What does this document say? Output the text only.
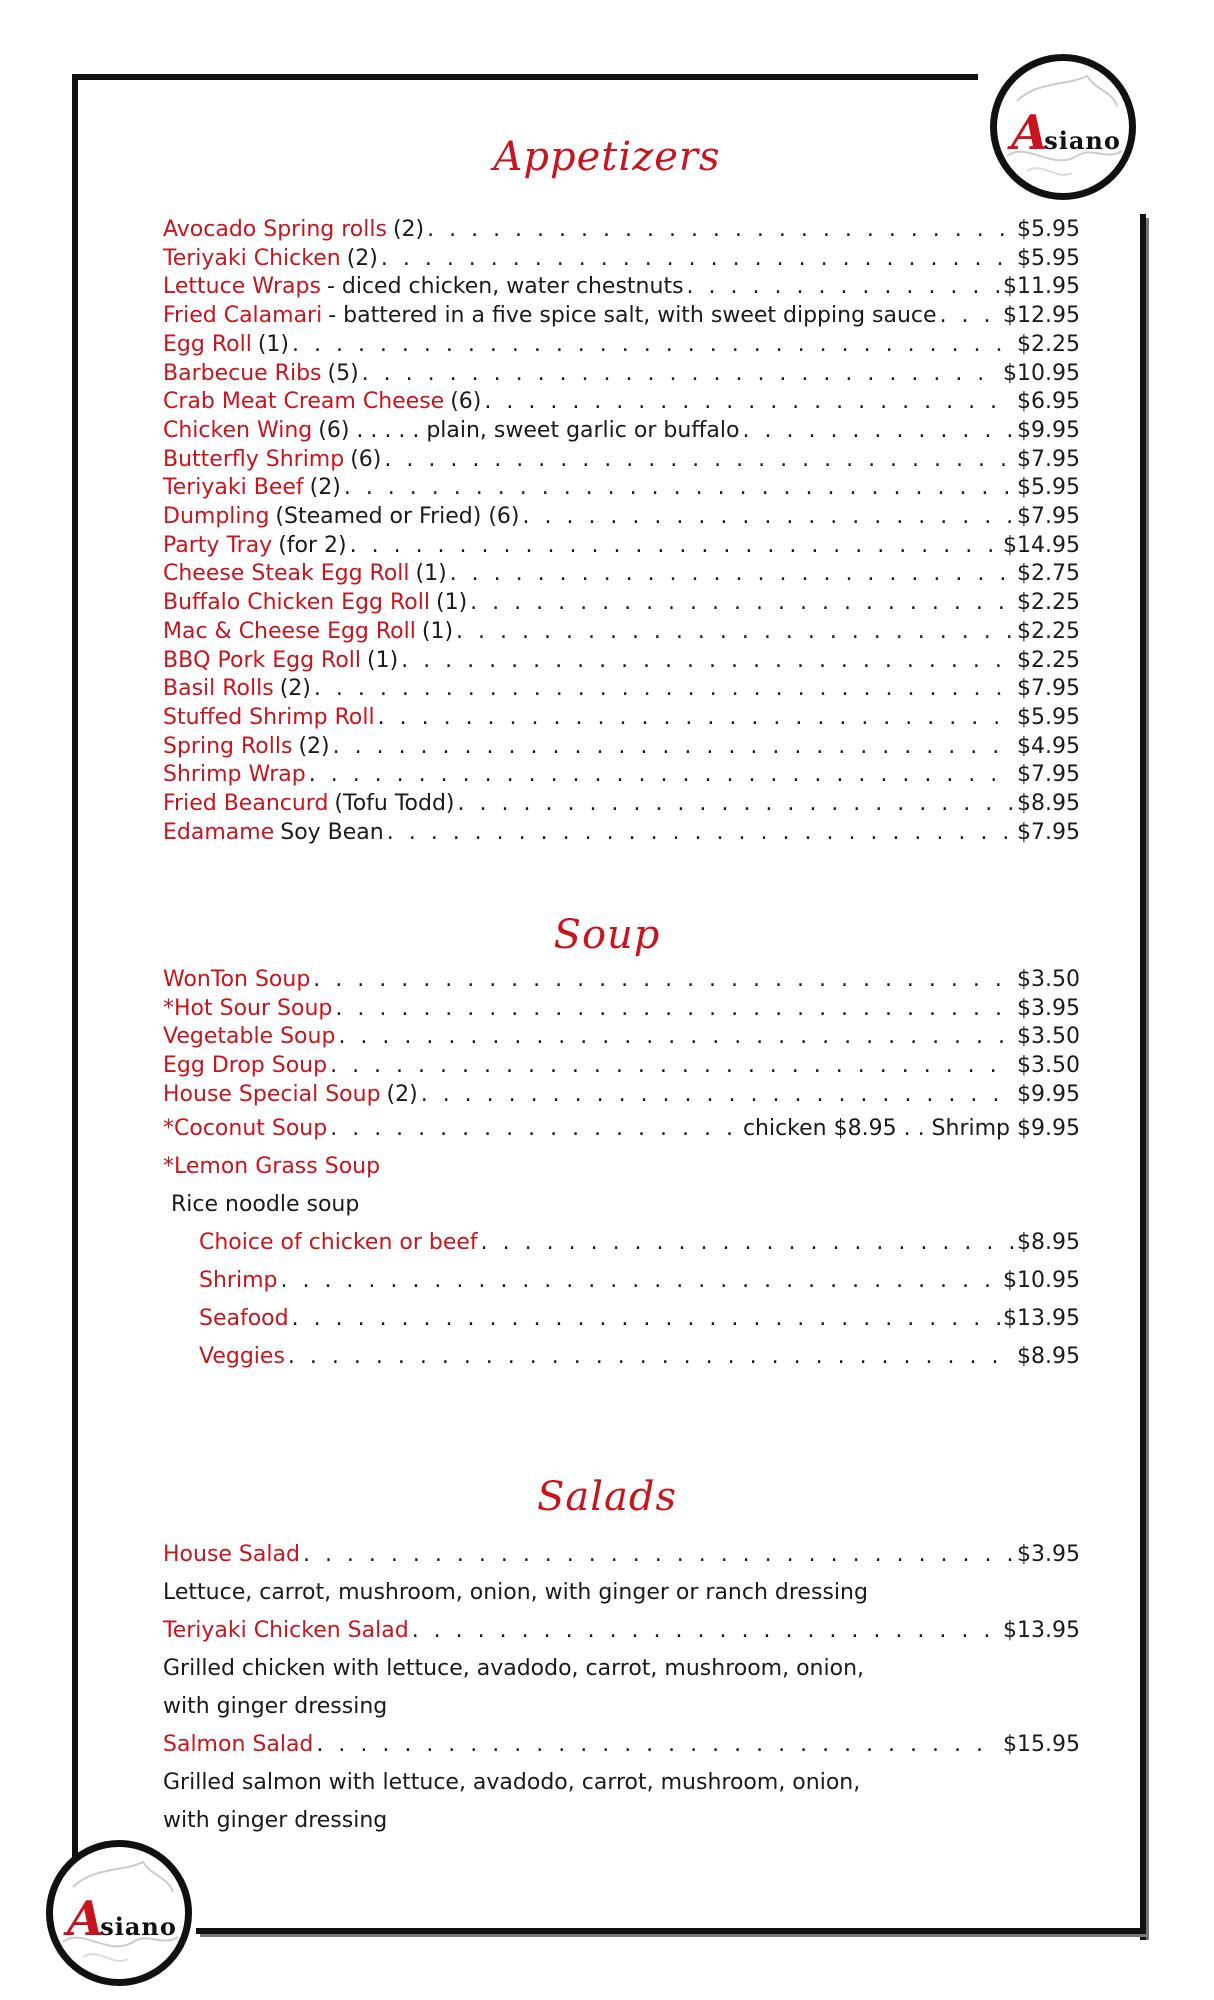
Asiano
Appetizers
Avocado Spring rolls (2) . . .	$5.95
Teriyaki Chicken (2) . . .	$5.95
Lettuce Wraps - diced chicken, water chestnuts . . .	$11.95
Fried Calamari - battered in a five spice salt, with sweet dipping sauce . . .	$12.95
Egg Roll (1) . . .	$2.25
Barbecue Ribs (5) . . .	$10.95
Crab Meat Cream Cheese (6) . . .	$6.95
Chicken Wing (6) . . . . . plain, sweet garlic or buffalo . . .	$9.95
Butterfly Shrimp (6) . . .	$7.95
Teriyaki Beef (2) . . .	$5.95
Dumpling (Steamed or Fried) (6) . . .	$7.95
Party Tray (for 2) . . .	$14.95
Cheese Steak Egg Roll (1) . . .	$2.75
Buffalo Chicken Egg Roll (1) . . .	$2.25
Mac & Cheese Egg Roll (1) . . .	$2.25
BBQ Pork Egg Roll (1) . . .	$2.25
Basil Rolls (2) . . .	$7.95
Stuffed Shrimp Roll . . .	$5.95
Spring Rolls (2) . . .	$4.95
Shrimp Wrap . . .	$7.95
Fried Beancurd (Tofu Todd) . . .	$8.95
Edamame Soy Bean . . .	$7.95
Soup
WonTon Soup . . .	$3.50
*Hot Sour Soup . . .	$3.95
Vegetable Soup . . .	$3.50
Egg Drop Soup . . .	$3.50
House Special Soup (2) . . .	$9.95
*Coconut Soup . . .	chicken $8.95 . . Shrimp $9.95
*Lemon Grass Soup
Rice noodle soup
Choice of chicken or beef . . .	$8.95
Shrimp . . .	$10.95
Seafood . . .	$13.95
Veggies . . .	$8.95
Salads
House Salad . . .	$3.95
Lettuce, carrot, mushroom, onion, with ginger or ranch dressing
Teriyaki Chicken Salad . . .	$13.95
Grilled chicken with lettuce, avadodo, carrot, mushroom, onion,
with ginger dressing
Salmon Salad . . .	$15.95
Grilled salmon with lettuce, avadodo, carrot, mushroom, onion,
with ginger dressing
Asiano
